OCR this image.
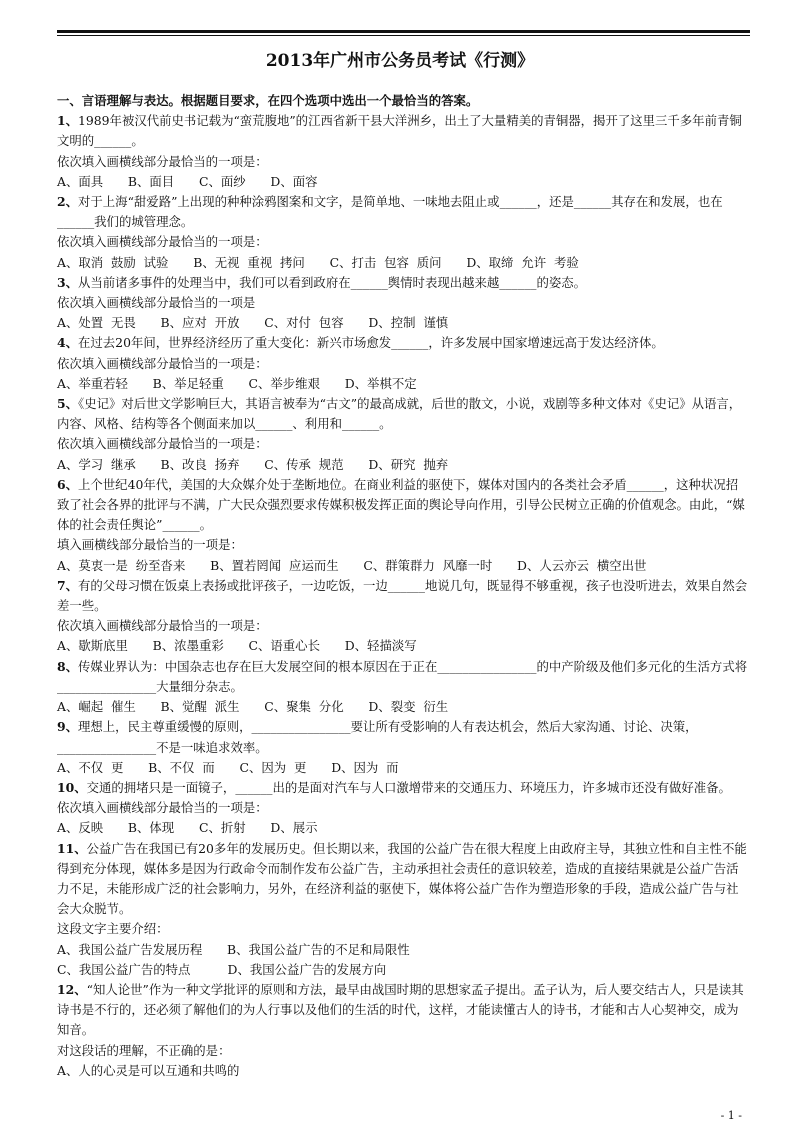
2013年广州市公务员考试《行测》
一、言语理解与表达。根据题目要求，在四个选项中选出一个最恰当的答案。
1、1989年被汉代前史书记载为“蛮荒腹地”的江西省新干县大洋洲乡，出土了大量精美的青铜器，揭开了这里三千多年前青铜文明的______。
依次填入画横线部分最恰当的一项是：
A、面具　　B、面目　　C、面纱　　D、面容
2、对于上海“甜爱路”上出现的种种涂鸦图案和文字，是简单地、一味地去阻止或______，还是______其存在和发展，也在______我们的城管理念。
依次填入画横线部分最恰当的一项是：
A、取消  鼓励  试验　　B、无视  重视  拷问　　C、打击  包容  质问　　D、取缔  允许  考验
3、从当前诸多事件的处理当中，我们可以看到政府在______舆情时表现出越来越______的姿态。
依次填入画横线部分最恰当的一项是
A、处置  无畏　　B、应对  开放　　C、对付  包容　　D、控制  谨慎
4、在过去20年间，世界经济经历了重大变化：新兴市场愈发______，许多发展中国家增速远高于发达经济体。
依次填入画横线部分最恰当的一项是：
A、举重若轻　　B、举足轻重　　C、举步维艰　　D、举棋不定
5、《史记》对后世文学影响巨大，其语言被奉为“古文”的最高成就，后世的散文，小说，戏剧等多种文体对《史记》从语言，内容、风格、结构等各个侧面来加以______、利用和______。
依次填入画横线部分最恰当的一项是：
A、学习  继承　　B、改良  扬弃　　C、传承  规范　　D、研究  抛弃
6、上个世纪40年代，美国的大众媒介处于垄断地位。在商业利益的驱使下，媒体对国内的各类社会矛盾______，这种状况招致了社会各界的批评与不满，广大民众强烈要求传媒积极发挥正面的舆论导向作用，引导公民树立正确的价值观念。由此，“媒体的社会责任舆论”______。
填入画横线部分最恰当的一项是：
A、莫衷一是  纷至沓来　　B、置若罔闻  应运而生　　C、群策群力  风靡一时　　D、人云亦云  横空出世
7、有的父母习惯在饭桌上表扬或批评孩子，一边吃饭，一边______地说几句，既显得不够重视，孩子也没听进去，效果自然会差一些。
依次填入画横线部分最恰当的一项是：
A、歇斯底里　　B、浓墨重彩　　C、语重心长　　D、轻描淡写
8、传媒业界认为：中国杂志也存在巨大发展空间的根本原因在于正在________________的中产阶级及他们多元化的生活方式将________________大量细分杂志。
A、崛起  催生　　B、觉醒  派生　　C、聚集  分化　　D、裂变  衍生
9、理想上，民主尊重缓慢的原则，________________要让所有受影响的人有表达机会，然后大家沟通、讨论、决策，________________不是一味追求效率。
A、不仅  更　　B、不仅  而　　C、因为  更　　D、因为  而
10、交通的拥堵只是一面镜子，______出的是面对汽车与人口激增带来的交通压力、环境压力，许多城市还没有做好准备。
依次填入画横线部分最恰当的一项是：
A、反映　　B、体现　　C、折射　　D、展示
11、公益广告在我国已有20多年的发展历史。但长期以来，我国的公益广告在很大程度上由政府主导，其独立性和自主性不能得到充分体现，媒体多是因为行政命令而制作发布公益广告，主动承担社会责任的意识较差，造成的直接结果就是公益广告活力不足，未能形成广泛的社会影响力，另外，在经济利益的驱使下，媒体将公益广告作为塑造形象的手段，造成公益广告与社会大众脱节。
这段文字主要介绍：
A、我国公益广告发展历程　　B、我国公益广告的不足和局限性
C、我国公益广告的特点　　　D、我国公益广告的发展方向
12、“知人论世”作为一种文学批评的原则和方法，最早由战国时期的思想家孟子提出。孟子认为，后人要交结古人，只是读其诗书是不行的，还必须了解他们的为人行事以及他们的生活的时代，这样，才能读懂古人的诗书，才能和古人心契神交，成为知音。
对这段话的理解，不正确的是：
A、人的心灵是可以互通和共鸣的
- 1 -
